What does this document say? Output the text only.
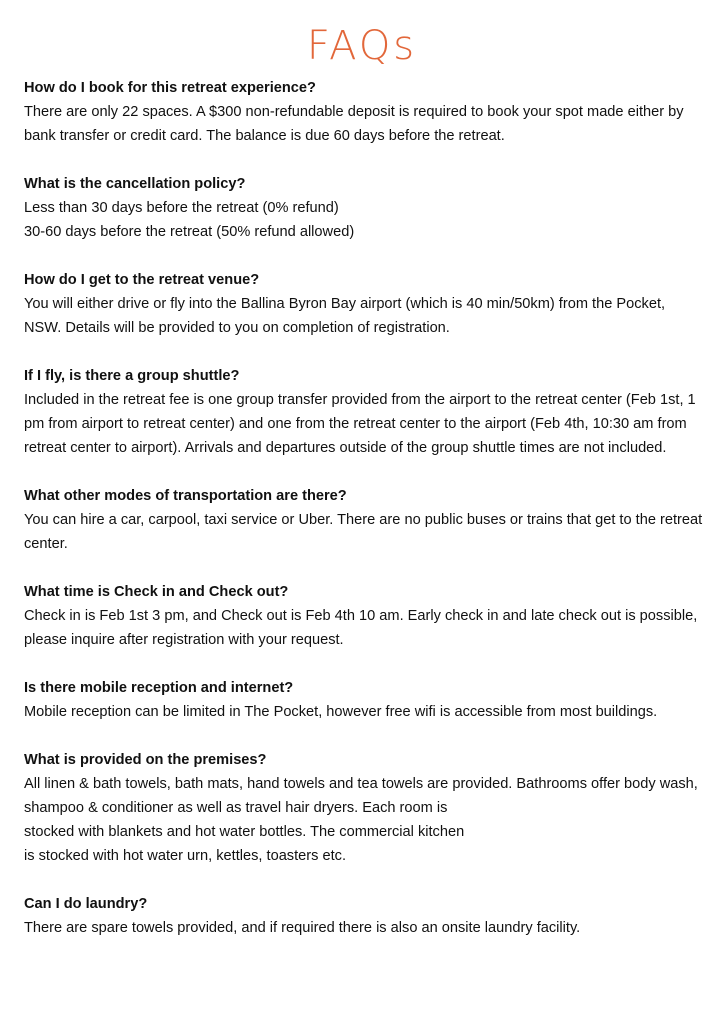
FAQs
How do I book for this retreat experience?
There are only 22 spaces. A $300 non-refundable deposit is required to book your spot made either by bank transfer or credit card. The balance is due 60 days before the retreat.
What is the cancellation policy?
Less than 30 days before the retreat (0% refund)
30-60 days before the retreat (50% refund allowed)
How do I get to the retreat venue?
You will either drive or fly into the Ballina Byron Bay airport (which is 40 min/50km) from the Pocket, NSW. Details will be provided to you on completion of registration.
If I fly, is there a group shuttle?
Included in the retreat fee is one group transfer provided from the airport to the retreat center (Feb 1st, 1 pm from airport to retreat center) and one from the retreat center to the airport (Feb 4th, 10:30 am from retreat center to airport). Arrivals and departures outside of the group shuttle times are not included.
What other modes of transportation are there?
You can hire a car, carpool, taxi service or Uber. There are no public buses or trains that get to the retreat center.
What time is Check in and Check out?
Check in is Feb 1st 3 pm, and Check out is Feb 4th 10 am. Early check in and late check out is possible, please inquire after registration with your request.
Is there mobile reception and internet?
Mobile reception can be limited in The Pocket, however free wifi is accessible from most buildings.
What is provided on the premises?
All linen & bath towels, bath mats, hand towels and tea towels are provided. Bathrooms offer body wash, shampoo & conditioner as well as travel hair dryers. Each room is
stocked with blankets and hot water bottles. The commercial kitchen
is stocked with hot water urn, kettles, toasters etc.
Can I do laundry?
There are spare towels provided, and if required there is also an onsite laundry facility.
